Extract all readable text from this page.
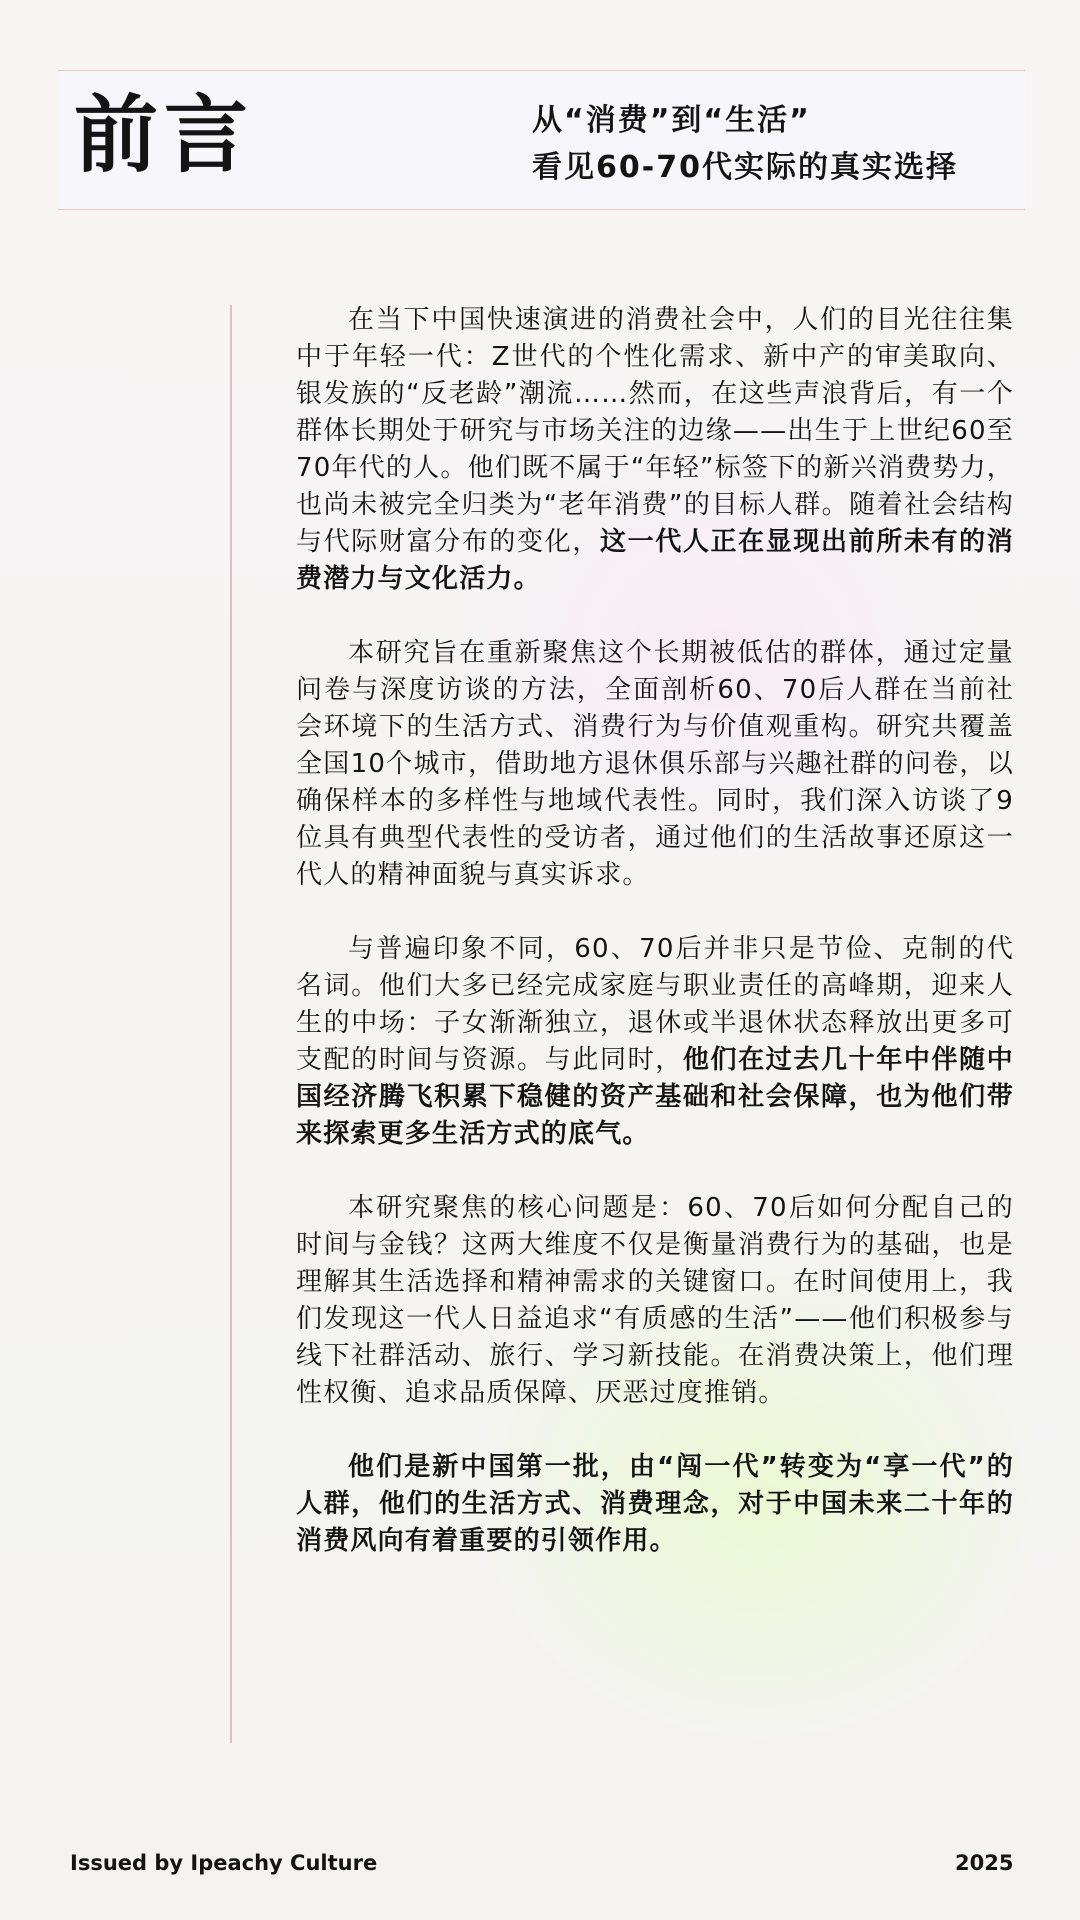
前言	从“消费”到“生活”
看见60-70代实际的真实选择

在当下中国快速演进的消费社会中，人们的目光往往集中于年轻一代：Z世代的个性化需求、新中产的审美取向、银发族的“反老龄”潮流……然而，在这些声浪背后，有一个群体长期处于研究与市场关注的边缘——出生于上世纪60至70年代的人。他们既不属于“年轻”标签下的新兴消费势力，也尚未被完全归类为“老年消费”的目标人群。随着社会结构与代际财富分布的变化，这一代人正在显现出前所未有的消费潜力与文化活力。

本研究旨在重新聚焦这个长期被低估的群体，通过定量问卷与深度访谈的方法，全面剖析60、70后人群在当前社会环境下的生活方式、消费行为与价值观重构。研究共覆盖全国10个城市，借助地方退休俱乐部与兴趣社群的问卷，以确保样本的多样性与地域代表性。同时，我们深入访谈了9位具有典型代表性的受访者，通过他们的生活故事还原这一代人的精神面貌与真实诉求。

与普遍印象不同，60、70后并非只是节俭、克制的代名词。他们大多已经完成家庭与职业责任的高峰期，迎来人生的中场：子女渐渐独立，退休或半退休状态释放出更多可支配的时间与资源。与此同时，他们在过去几十年中伴随中国经济腾飞积累下稳健的资产基础和社会保障，也为他们带来探索更多生活方式的底气。

本研究聚焦的核心问题是：60、70后如何分配自己的时间与金钱？这两大维度不仅是衡量消费行为的基础，也是理解其生活选择和精神需求的关键窗口。在时间使用上，我们发现这一代人日益追求“有质感的生活”——他们积极参与线下社群活动、旅行、学习新技能。在消费决策上，他们理性权衡、追求品质保障、厌恶过度推销。

他们是新中国第一批，由“闯一代”转变为“享一代”的人群，他们的生活方式、消费理念，对于中国未来二十年的消费风向有着重要的引领作用。

Issued by Ipeachy Culture	2025
